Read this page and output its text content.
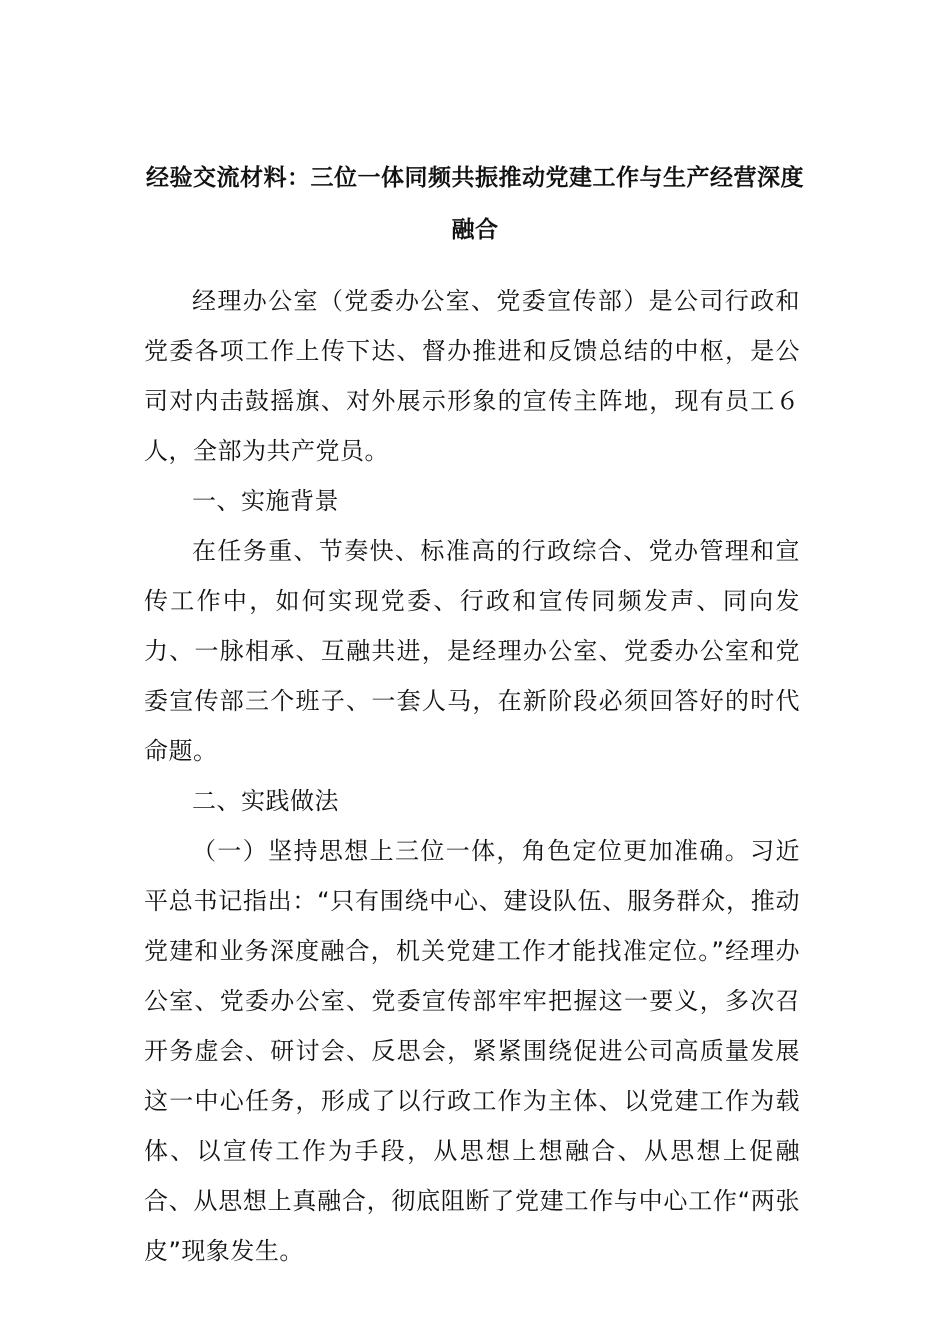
经验交流材料：三位一体同频共振推动党建工作与生产经营深度融合

经理办公室（党委办公室、党委宣传部）是公司行政和党委各项工作上传下达、督办推进和反馈总结的中枢，是公司对内击鼓摇旗、对外展示形象的宣传主阵地，现有员工６人，全部为共产党员。

一、实施背景

在任务重、节奏快、标准高的行政综合、党办管理和宣传工作中，如何实现党委、行政和宣传同频发声、同向发力、一脉相承、互融共进，是经理办公室、党委办公室和党委宣传部三个班子、一套人马，在新阶段必须回答好的时代命题。

二、实践做法

（一）坚持思想上三位一体，角色定位更加准确。习近平总书记指出：“只有围绕中心、建设队伍、服务群众，推动党建和业务深度融合，机关党建工作才能找准定位。”经理办公室、党委办公室、党委宣传部牢牢把握这一要义，多次召开务虚会、研讨会、反思会，紧紧围绕促进公司高质量发展这一中心任务，形成了以行政工作为主体、以党建工作为载体、以宣传工作为手段，从思想上想融合、从思想上促融合、从思想上真融合，彻底阻断了党建工作与中心工作“两张皮”现象发生。
